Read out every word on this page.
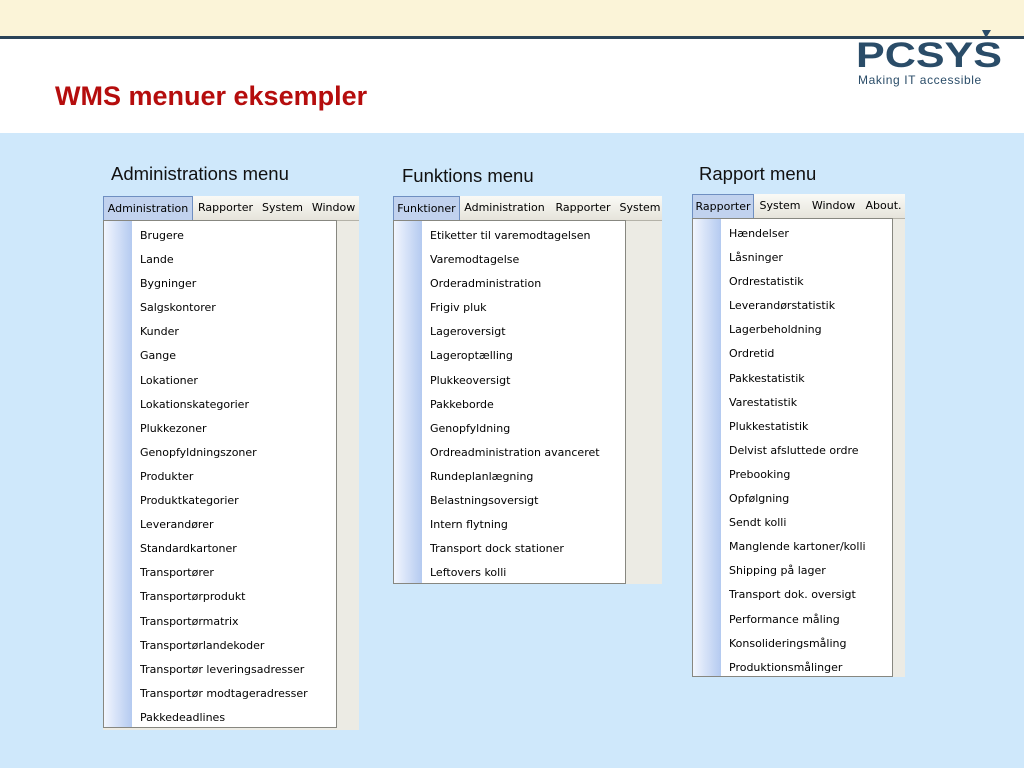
WMS menuer eksempler
PCSYS
Making IT accessible
Administrations menu
Administration Rapporter System Window
Brugere
Lande
Bygninger
Salgskontorer
Kunder
Gange
Lokationer
Lokationskategorier
Plukkezoner
Genopfyldningszoner
Produkter
Produktkategorier
Leverandører
Standardkartoner
Transportører
Transportørprodukt
Transportørmatrix
Transportørlandekoder
Transportør leveringsadresser
Transportør modtageradresser
Pakkedeadlines
Funktions menu
Funktioner Administration Rapporter System
Etiketter til varemodtagelsen
Varemodtagelse
Orderadministration
Frigiv pluk
Lageroversigt
Lageroptælling
Plukkeoversigt
Pakkeborde
Genopfyldning
Ordreadministration avanceret
Rundeplanlægning
Belastningsoversigt
Intern flytning
Transport dock stationer
Leftovers kolli
Rapport menu
Rapporter System	Window About.
Hændelser
Låsninger
Ordrestatistik
Leverandørstatistik
Lagerbeholdning
Ordretid
Pakkestatistik
Varestatistik
Plukkestatistik
Delvist afsluttede ordre
Prebooking
Opfølgning
Sendt kolli
Manglende kartoner/kolli
Shipping på lager
Transport dok. oversigt
Performance måling
Konsolideringsmåling
Produktionsmålinger
